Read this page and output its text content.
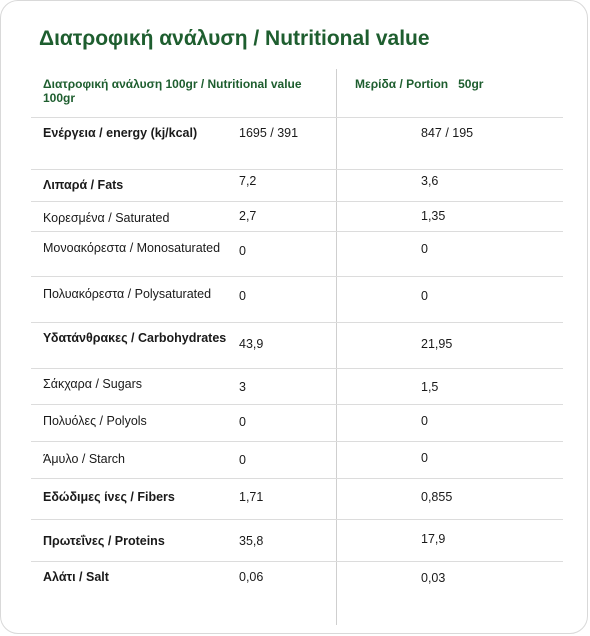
Διατροφική ανάλυση / Nutritional value
Διατροφική ανάλυση 100gr / Nutritional value 100gr
Μερίδα / Portion   50gr
Ενέργεια / energy (kj/kcal)	1695 / 391	847 / 195
Λιπαρά / Fats	7,2	3,6
Κορεσμένα / Saturated	2,7	1,35
Μονοακόρεστα / Monosaturated	0	0
Πολυακόρεστα / Polysaturated	0	0
Υδατάνθρακες / Carbohydrates	43,9	21,95
Σάκχαρα / Sugars	3	1,5
Πολυόλες / Polyols	0	0
Άμυλο / Starch	0	0
Εδώδιμες ίνες / Fibers	1,71	0,855
Πρωτεΐνες / Proteins	35,8	17,9
Αλάτι / Salt	0,06	0,03
